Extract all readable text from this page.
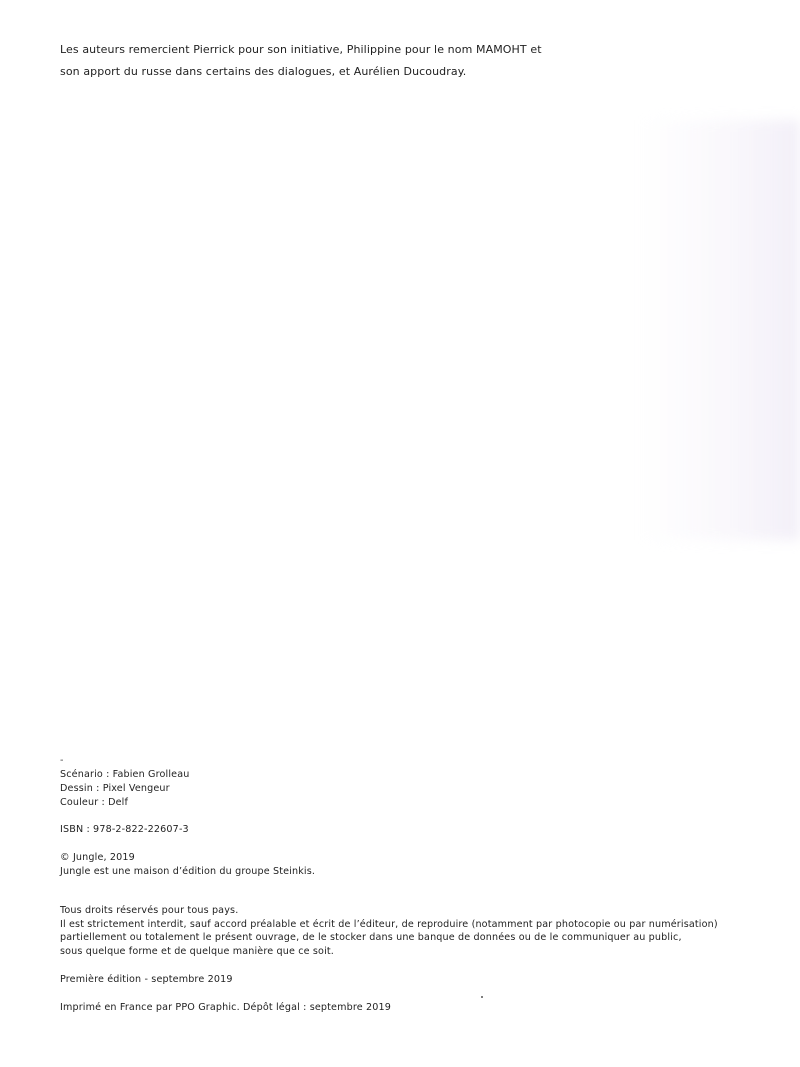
Les auteurs remercient Pierrick pour son initiative, Philippine pour le nom MAMOHT et

son apport du russe dans certains des dialogues, et Aurélien Ducoudray.

-

Scénario : Fabien Grolleau

Dessin : Pixel Vengeur

Couleur : Delf

ISBN : 978-2-822-22607-3

© Jungle, 2019

Jungle est une maison d’édition du groupe Steinkis.

Tous droits réservés pour tous pays.

Il est strictement interdit, sauf accord préalable et écrit de l’éditeur, de reproduire (notamment par photocopie ou par numérisation)

partiellement ou totalement le présent ouvrage, de le stocker dans une banque de données ou de le communiquer au public,

sous quelque forme et de quelque manière que ce soit.

Première édition - septembre 2019

Imprimé en France par PPO Graphic. Dépôt légal : septembre 2019
